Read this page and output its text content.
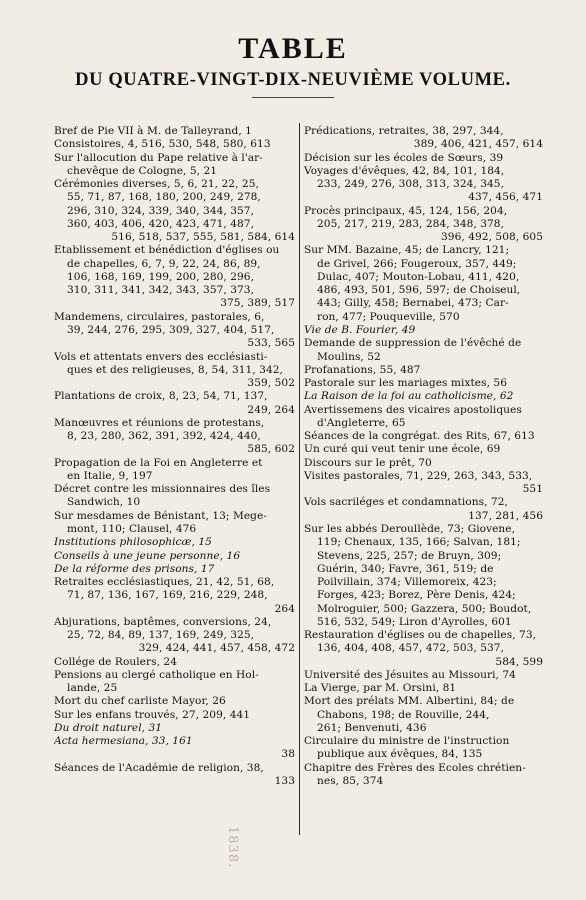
TABLE
DU QUATRE-VINGT-DIX-NEUVIÈME VOLUME.
Bref de Pie VII à M. de Talleyrand, 1
Consistoires, 4, 516, 530, 548, 580, 613
Sur l'allocution du Pape relative à l'ar-
chevêque de Cologne, 5, 21
Cérémonies diverses, 5, 6, 21, 22, 25,
55, 71, 87, 168, 180, 200, 249, 278,
296, 310, 324, 339, 340, 344, 357,
360, 403, 406, 420, 423, 471, 487,
516, 518, 537, 555, 581, 584, 614
Etablissement et bénédiction d'églises ou
de chapelles, 6, 7, 9, 22, 24, 86, 89,
106, 168, 169, 199, 200, 280, 296,
310, 311, 341, 342, 343, 357, 373,
375, 389, 517
Mandemens, circulaires, pastorales, 6,
39, 244, 276, 295, 309, 327, 404, 517,
533, 565
Vols et attentats envers des ecclésiasti-
ques et des religieuses, 8, 54, 311, 342,
359, 502
Plantations de croix, 8, 23, 54, 71, 137,
249, 264
Manœuvres et réunions de protestans,
8, 23, 280, 362, 391, 392, 424, 440,
585, 602
Propagation de la Foi en Angleterre et
en Italie, 9, 197
Décret contre les missionnaires des îles
Sandwich, 10
Sur mesdames de Bénistant, 13; Mege-
mont, 110; Clausel, 476
Institutions philosophicæ, 15
Conseils à une jeune personne, 16
De la réforme des prisons, 17
Retraites ecclésiastiques, 21, 42, 51, 68,
71, 87, 136, 167, 169, 216, 229, 248,
264
Abjurations, baptêmes, conversions, 24,
25, 72, 84, 89, 137, 169, 249, 325,
329, 424, 441, 457, 458, 472
Collége de Roulers, 24
Pensions au clergé catholique en Hol-
lande, 25
Mort du chef carliste Mayor, 26
Sur les enfans trouvés, 27, 209, 441
Du droit naturel, 31
Acta hermesiana, 33, 161
38
Séances de l'Académie de religion, 38,
133
Prédications, retraites, 38, 297, 344,
389, 406, 421, 457, 614
Décision sur les écoles de Sœurs, 39
Voyages d'évêques, 42, 84, 101, 184,
233, 249, 276, 308, 313, 324, 345,
437, 456, 471
Procès principaux, 45, 124, 156, 204,
205, 217, 219, 283, 284, 348, 378,
396, 492, 508, 605
Sur MM. Bazaine, 45; de Lancry, 121;
de Grivel, 266; Fougeroux, 357, 449;
Dulac, 407; Mouton-Lobau, 411, 420,
486, 493, 501, 596, 597; de Choiseul,
443; Gilly, 458; Bernabei, 473; Car-
ron, 477; Pouqueville, 570
Vie de B. Fourier, 49
Demande de suppression de l'évêché de
Moulins, 52
Profanations, 55, 487
Pastorale sur les mariages mixtes, 56
La Raison de la foi au catholicisme, 62
Avertissemens des vicaires apostoliques
d'Angleterre, 65
Séances de la congrégat. des Rits, 67, 613
Un curé qui veut tenir une école, 69
Discours sur le prêt, 70
Visites pastorales, 71, 229, 263, 343, 533,
551
Vols sacriléges et condamnations, 72,
137, 281, 456
Sur les abbés Deroullède, 73; Giovene,
119; Chenaux, 135, 166; Salvan, 181;
Stevens, 225, 257; de Bruyn, 309;
Guérin, 340; Favre, 361, 519; de
Poilvillain, 374; Villemoreix, 423;
Forges, 423; Borez, Père Denis, 424;
Molroguier, 500; Gazzera, 500; Boudot,
516, 532, 549; Liron d'Ayrolles, 601
Restauration d'églises ou de chapelles, 73,
136, 404, 408, 457, 472, 503, 537,
584, 599
Université des Jésuites au Missouri, 74
La Vierge, par M. Orsini, 81
Mort des prélats MM. Albertini, 84; de
Chabons, 198; de Rouville, 244,
261; Benvenuti, 436
Circulaire du ministre de l'instruction
publique aux évêques, 84, 135
Chapitre des Frères des Ecoles chrétien-
nes, 85, 374
1838.
